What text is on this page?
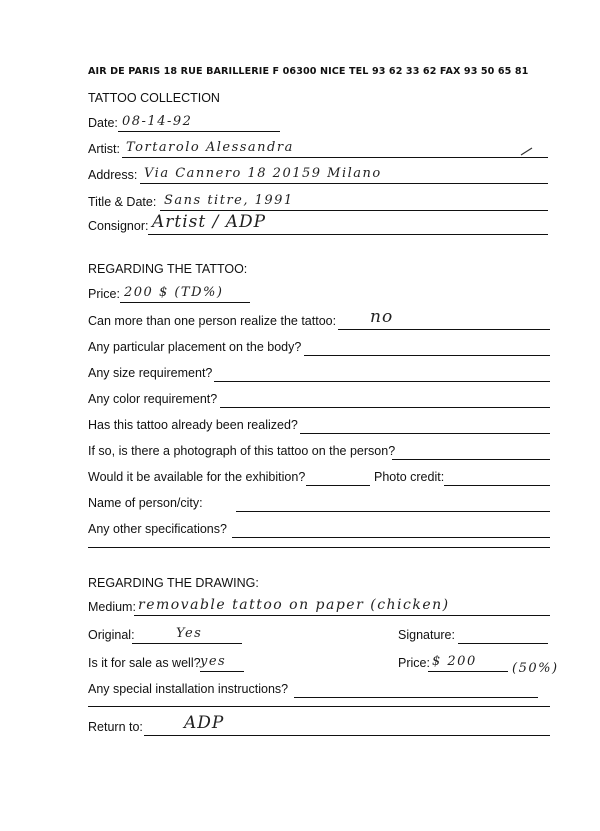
AIR DE PARIS 18 RUE BARILLERIE F 06300 NICE TEL 93 62 33 62 FAX 93 50 65 81
TATTOO COLLECTION
Date: 08-14-92
Artist: Tortarolo Alessandra
Address: Via Cannero 18 20159 Milano
Title & Date: Sans titre, 1991
Consignor: Artist / ADP
REGARDING THE TATTOO:
Price: 200 $ (TD%)
Can more than one person realize the tattoo: no
Any particular placement on the body?
Any size requirement?
Any color requirement?
Has this tattoo already been realized?
If so, is there a photograph of this tattoo on the person?
Would it be available for the exhibition?	Photo credit:
Name of person/city:
Any other specifications?
REGARDING THE DRAWING:
Medium: removable tattoo on paper (chicken)
Original:	Yes	Signature:
Is it for sale as well? yes	Price: $ 200	(50%)
Any special installation instructions?
Return to: ADP
